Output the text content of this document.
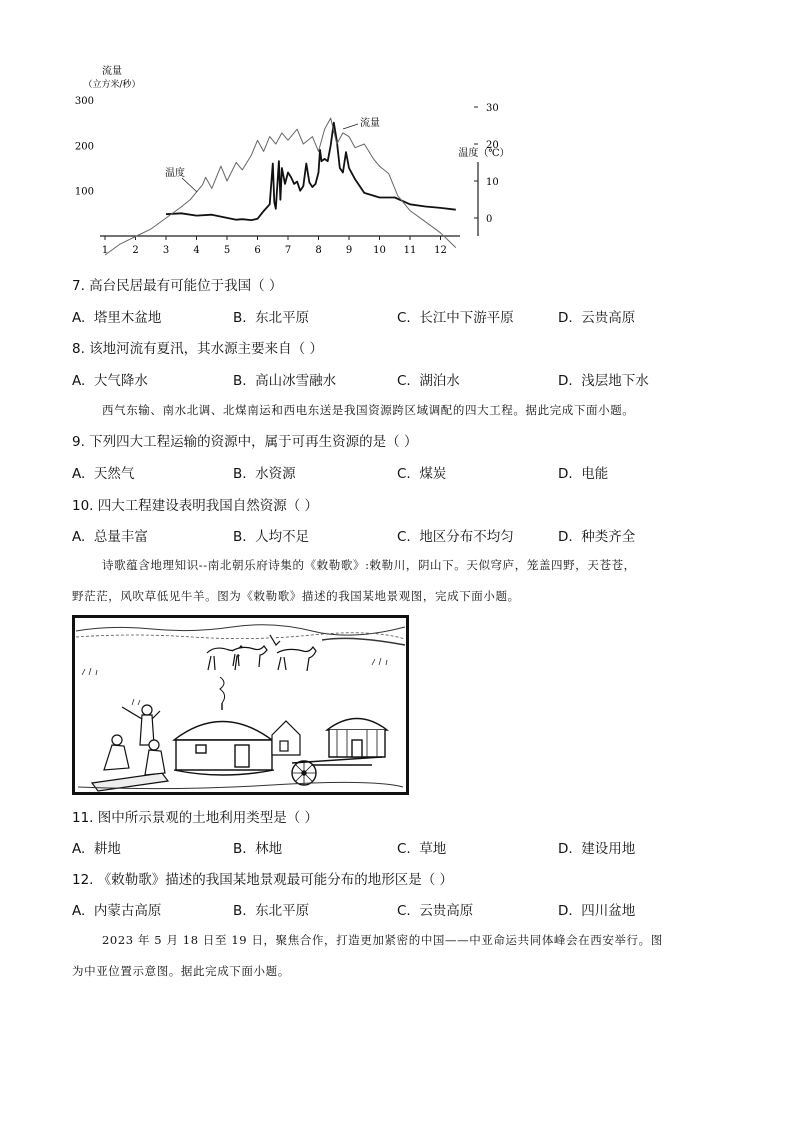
流量
（立方米/秒）
温度（℃）
300
200
100
30
20
10
0
1 2 3 4 5 6 7 8 9 10 11 12
温度
流量
7. 高台民居最有可能位于我国（ ）
A. 塔里木盆地	B. 东北平原	C. 长江中下游平原	D. 云贵高原
8. 该地河流有夏汛，其水源主要来自（ ）
A. 大气降水	B. 高山冰雪融水	C. 湖泊水	D. 浅层地下水
西气东输、南水北调、北煤南运和西电东送是我国资源跨区域调配的四大工程。据此完成下面小题。
9. 下列四大工程运输的资源中，属于可再生资源的是（ ）
A. 天然气	B. 水资源	C. 煤炭	D. 电能
10. 四大工程建设表明我国自然资源（ ）
A. 总量丰富	B. 人均不足	C. 地区分布不均匀	D. 种类齐全
诗歌蕴含地理知识--南北朝乐府诗集的《敕勒歌》:敕勒川，阴山下。天似穹庐，笼盖四野，天苍苍，
野茫茫，风吹草低见牛羊。图为《敕勒歌》描述的我国某地景观图，完成下面小题。
11. 图中所示景观的土地利用类型是（ ）
A. 耕地	B. 林地	C. 草地	D. 建设用地
12. 《敕勒歌》描述的我国某地景观最可能分布的地形区是（ ）
A. 内蒙古高原	B. 东北平原	C. 云贵高原	D. 四川盆地
2023 年 5 月 18 日至 19 日，聚焦合作，打造更加紧密的中国——中亚命运共同体峰会在西安举行。图
为中亚位置示意图。据此完成下面小题。
